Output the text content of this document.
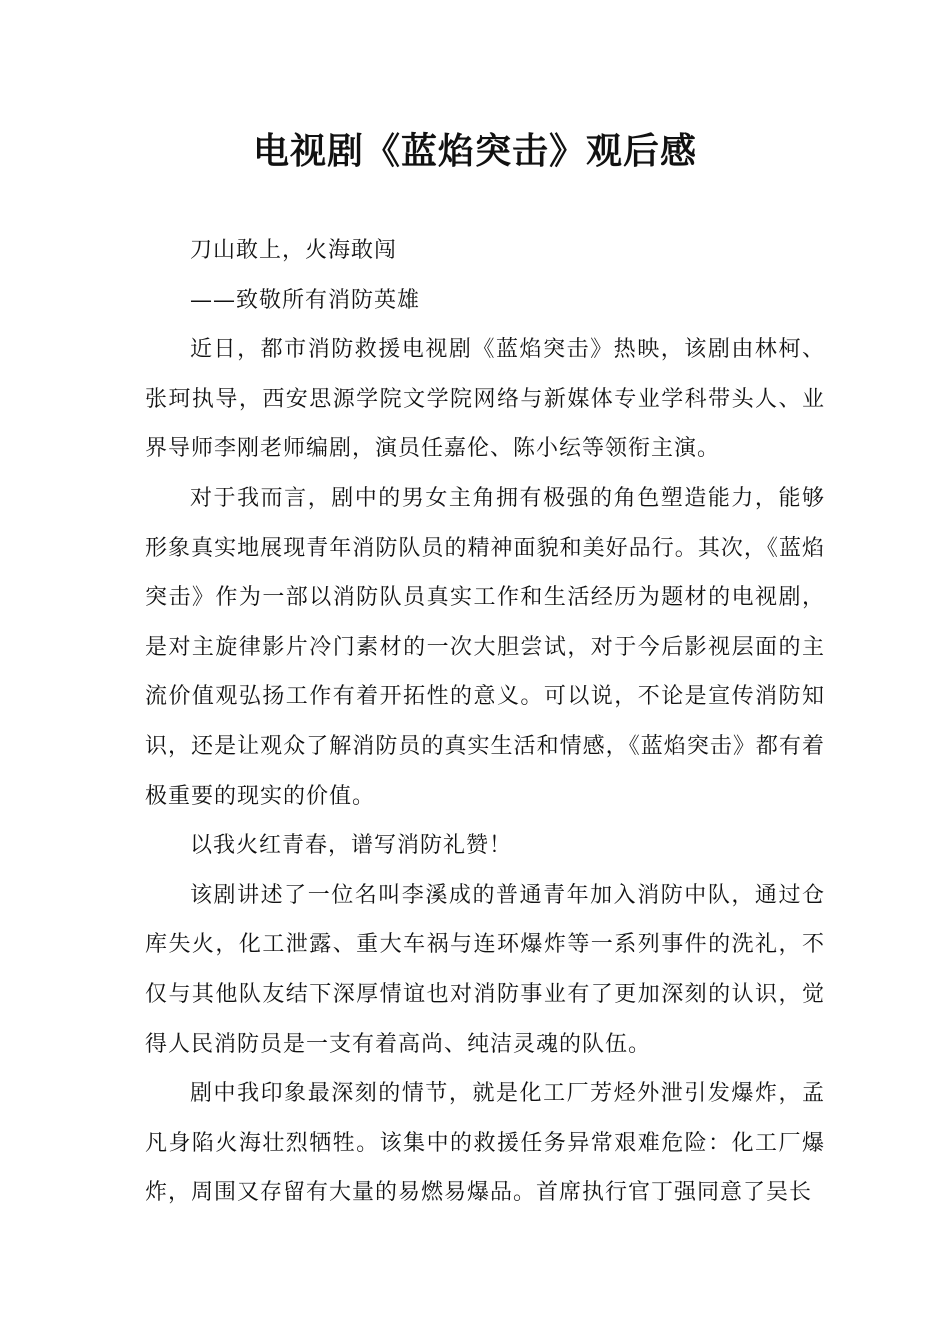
电视剧《蓝焰突击》观后感

刀山敢上，火海敢闯

——致敬所有消防英雄

近日，都市消防救援电视剧《蓝焰突击》热映，该剧由林柯、张珂执导，西安思源学院文学院网络与新媒体专业学科带头人、业界导师李刚老师编剧，演员任嘉伦、陈小纭等领衔主演。

对于我而言，剧中的男女主角拥有极强的角色塑造能力，能够形象真实地展现青年消防队员的精神面貌和美好品行。其次，《蓝焰突击》作为一部以消防队员真实工作和生活经历为题材的电视剧，是对主旋律影片冷门素材的一次大胆尝试，对于今后影视层面的主流价值观弘扬工作有着开拓性的意义。可以说，不论是宣传消防知识，还是让观众了解消防员的真实生活和情感，《蓝焰突击》都有着极重要的现实的价值。

以我火红青春，谱写消防礼赞！

该剧讲述了一位名叫李溪成的普通青年加入消防中队，通过仓库失火，化工泄露、重大车祸与连环爆炸等一系列事件的洗礼，不仅与其他队友结下深厚情谊也对消防事业有了更加深刻的认识，觉得人民消防员是一支有着高尚、纯洁灵魂的队伍。

剧中我印象最深刻的情节，就是化工厂芳烃外泄引发爆炸，孟凡身陷火海壮烈牺牲。该集中的救援任务异常艰难危险：化工厂爆炸，周围又存留有大量的易燃易爆品。首席执行官丁强同意了吴长
